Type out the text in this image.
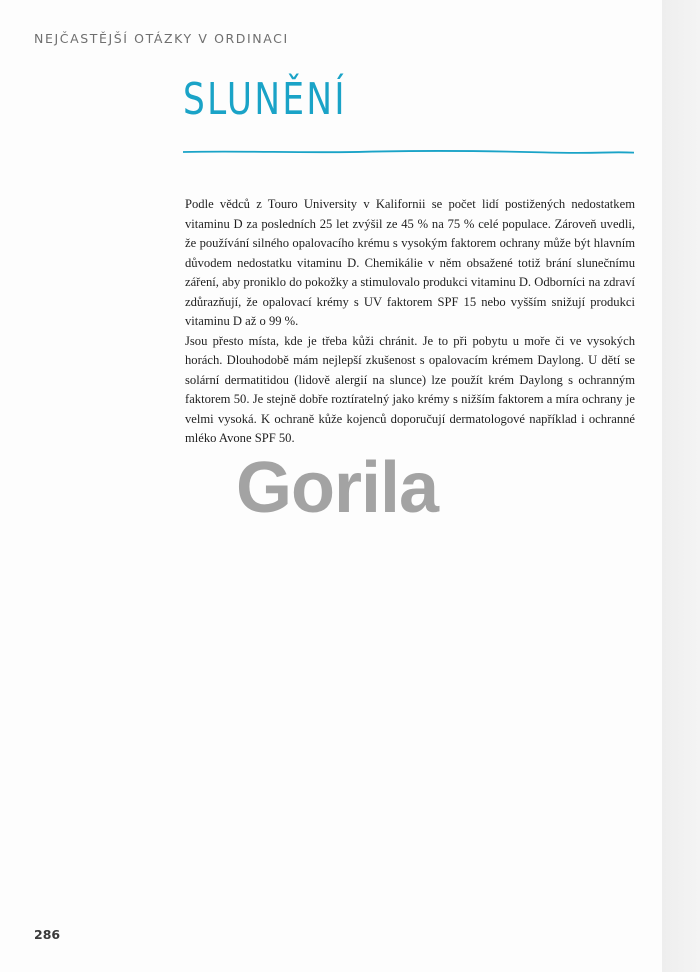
NEJČASTĚJŠÍ OTÁZKY V ORDINACI
SLUNĚNÍ

Podle vědců z Touro University v Kalifornii se počet lidí postižených nedostatkem vitaminu D za posledních 25 let zvýšil ze 45 % na 75 % celé populace. Zároveň uvedli, že používání silného opalovacího krému s vysokým faktorem ochrany může být hlavním důvodem nedostatku vitaminu D. Chemikálie v něm obsažené totiž brání slunečnímu záření, aby proniklo do pokožky a stimulovalo produkci vitaminu D. Odborníci na zdraví zdůrazňují, že opalovací krémy s UV faktorem SPF 15 nebo vyšším snižují produkci vitaminu D až o 99 %.

Jsou přesto místa, kde je třeba kůži chránit. Je to při pobytu u moře či ve vysokých horách. Dlouhodobě mám nejlepší zkušenost s opalovacím krémem Daylong. U dětí se solární dermatitidou (lidově alergií na slunce) lze použít krém Daylong s ochranným faktorem 50. Je stejně dobře roztíratelný jako krémy s nižším faktorem a míra ochrany je velmi vysoká. K ochraně kůže kojenců doporučují dermatologové například i ochranné mléko Avone SPF 50.

Gorila
286
